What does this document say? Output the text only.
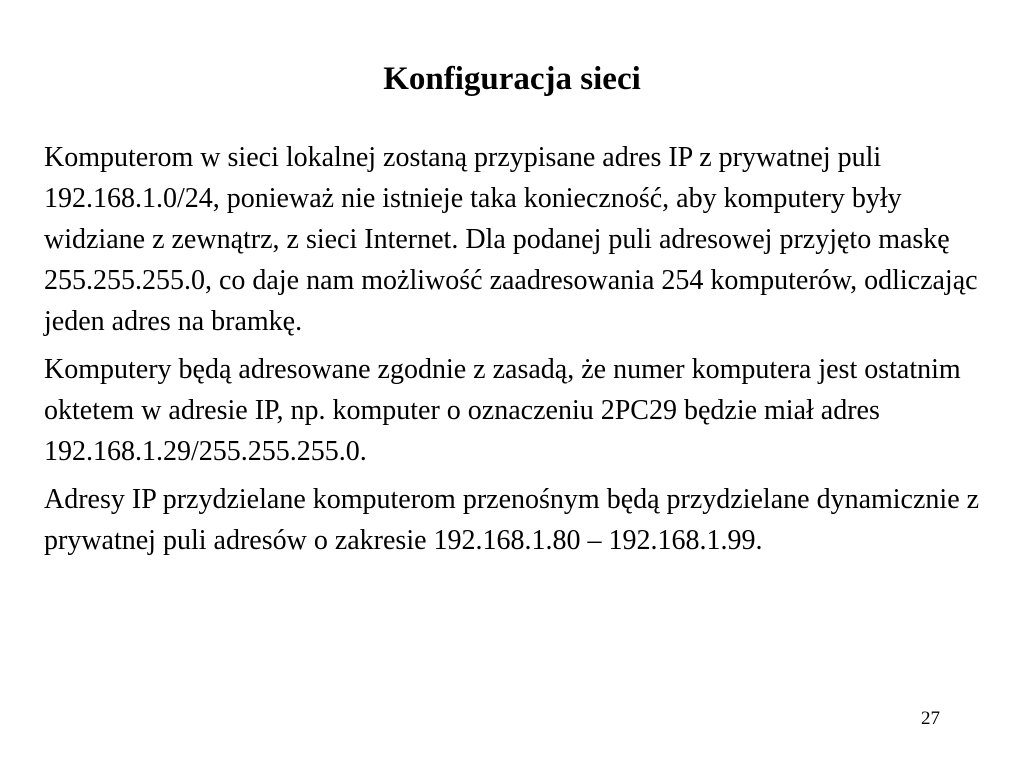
Konfiguracja sieci

Komputerom w sieci lokalnej zostaną przypisane adres IP z prywatnej puli 192.168.1.0/24, ponieważ nie istnieje taka konieczność, aby komputery były widziane z zewnątrz, z sieci Internet. Dla podanej puli adresowej przyjęto maskę 255.255.255.0, co daje nam możliwość zaadresowania 254 komputerów, odliczając jeden adres na bramkę.

Komputery będą adresowane zgodnie z zasadą, że numer komputera jest ostatnim oktetem w adresie IP, np. komputer o oznaczeniu 2PC29 będzie miał adres 192.168.1.29/255.255.255.0.

Adresy IP przydzielane komputerom przenośnym będą przydzielane dynamicznie z prywatnej puli adresów o zakresie 192.168.1.80 – 192.168.1.99.

27
